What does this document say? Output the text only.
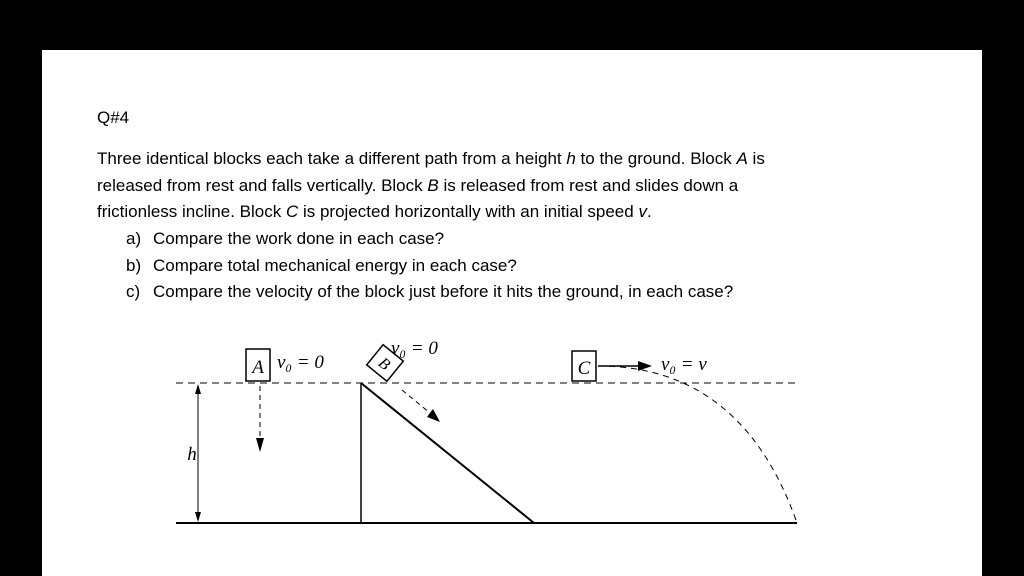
Q#4
Three identical blocks each take a different path from a height h to the ground. Block A is
released from rest and falls vertically. Block B is released from rest and slides down a
frictionless incline. Block C is projected horizontally with an initial speed v.
a) Compare the work done in each case?
b) Compare total mechanical energy in each case?
c) Compare the velocity of the block just before it hits the ground, in each case?
h
A v₀ = 0	B
v₀ = 0
C	v₀ = v
